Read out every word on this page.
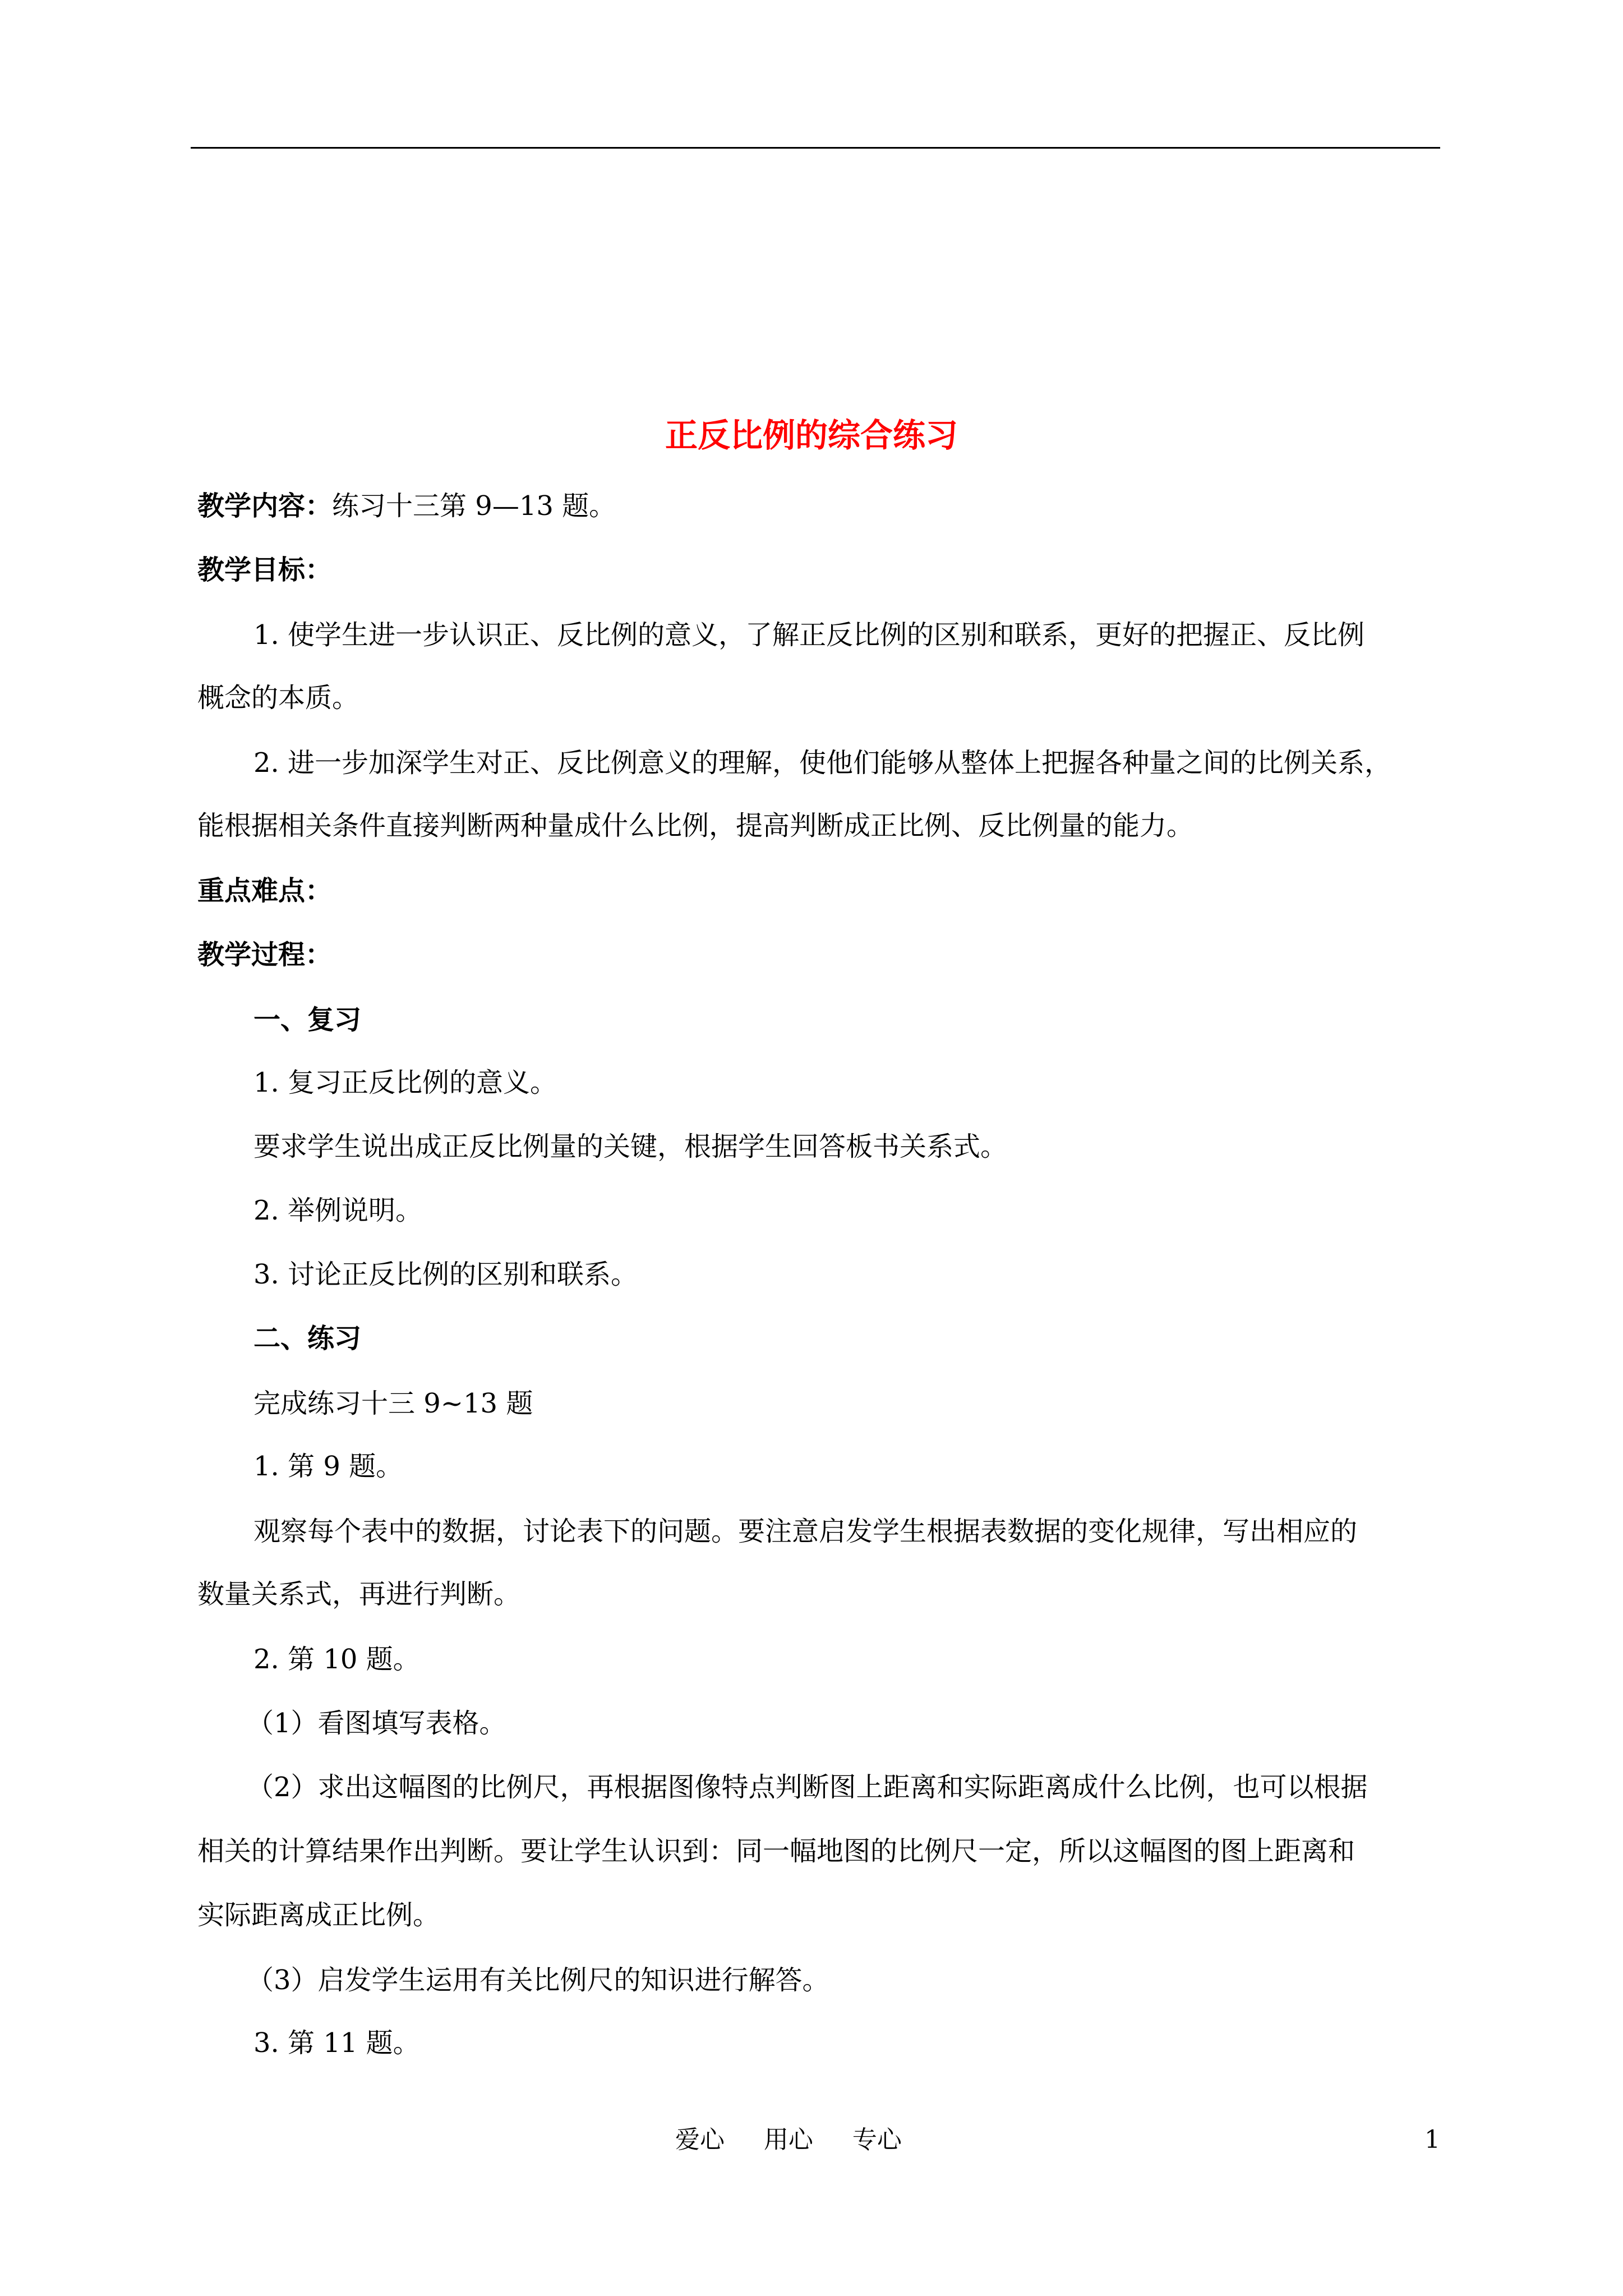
正反比例的综合练习

教学内容：练习十三第 9—13 题。

教学目标：

1. 使学生进一步认识正、反比例的意义，了解正反比例的区别和联系，更好的把握正、反比例

概念的本质。

2. 进一步加深学生对正、反比例意义的理解，使他们能够从整体上把握各种量之间的比例关系，

能根据相关条件直接判断两种量成什么比例，提高判断成正比例、反比例量的能力。

重点难点：

教学过程：

一、复习

1. 复习正反比例的意义。

要求学生说出成正反比例量的关键，根据学生回答板书关系式。

2. 举例说明。

3. 讨论正反比例的区别和联系。

二、练习

完成练习十三 9~13 题

1. 第 9 题。

观察每个表中的数据，讨论表下的问题。要注意启发学生根据表数据的变化规律，写出相应的

数量关系式，再进行判断。

2. 第 10 题。

（1）看图填写表格。

（2）求出这幅图的比例尺，再根据图像特点判断图上距离和实际距离成什么比例，也可以根据

相关的计算结果作出判断。要让学生认识到：同一幅地图的比例尺一定，所以这幅图的图上距离和

实际距离成正比例。

（3）启发学生运用有关比例尺的知识进行解答。

3. 第 11 题。

爱心     用心     专心	1
